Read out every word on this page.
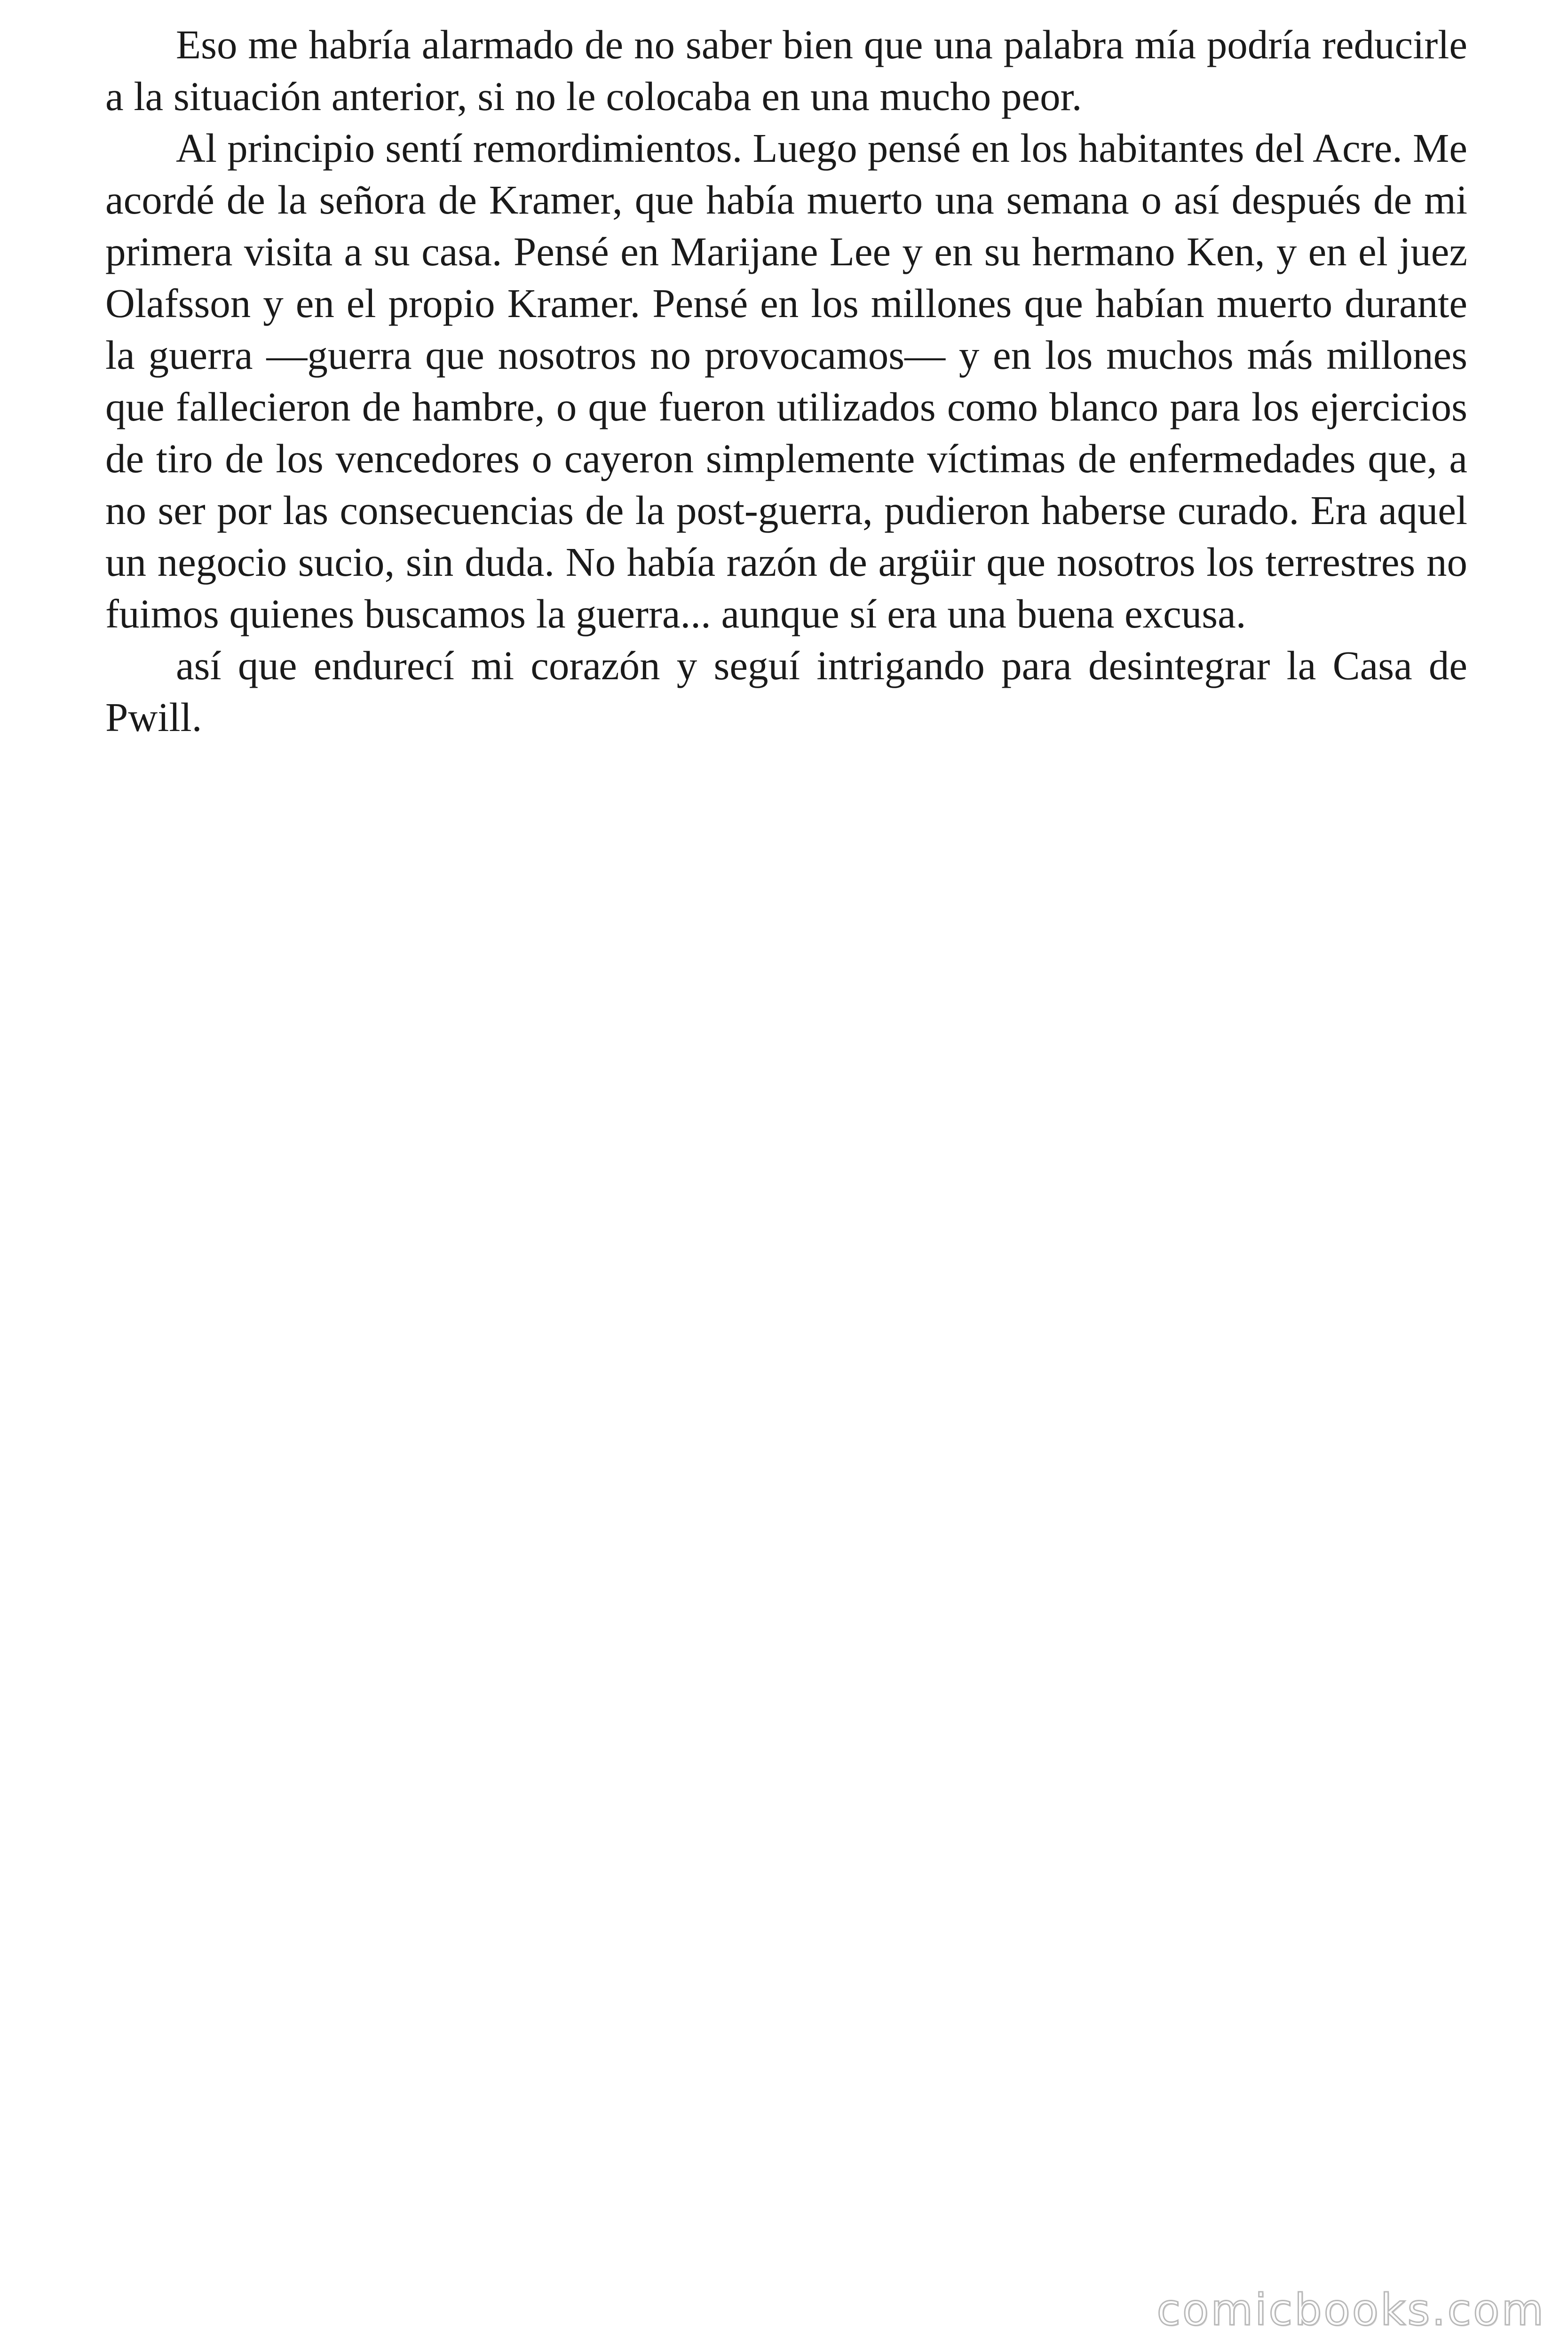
Eso me habría alarmado de no saber bien que una palabra mía podría reducirle a la situación anterior, si no le colocaba en una mucho peor.

Al principio sentí remordimientos. Luego pensé en los habitantes del Acre. Me acordé de la señora de Kramer, que había muerto una semana o así después de mi primera visita a su casa. Pensé en Marijane Lee y en su hermano Ken, y en el juez Olafsson y en el propio Kramer. Pensé en los millones que habían muerto durante la guerra —guerra que nosotros no provocamos— y en los muchos más millones que fallecieron de hambre, o que fueron utilizados como blanco para los ejercicios de tiro de los vencedores o cayeron simplemente víctimas de enfermedades que, a no ser por las consecuencias de la post-guerra, pudieron haberse curado. Era aquel un negocio sucio, sin duda. No había razón de argüir que nosotros los terrestres no fuimos quienes buscamos la guerra... aunque sí era una buena excusa.

así que endurecí mi corazón y seguí intrigando para desintegrar la Casa de Pwill.

comicbooks.com
